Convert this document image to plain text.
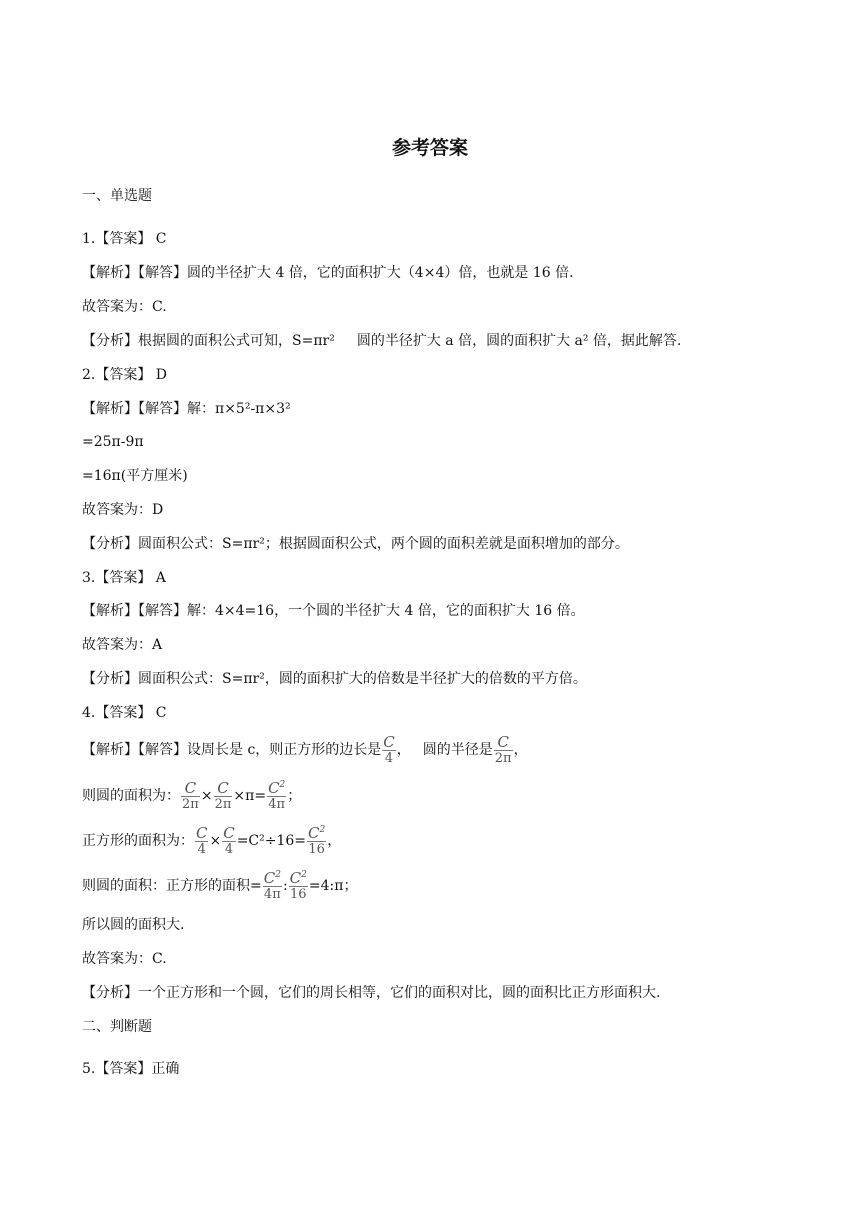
参考答案
一、单选题
1.【答案】 C
【解析】【解答】圆的半径扩大 4 倍，它的面积扩大（4×4）倍，也就是 16 倍.
故答案为：C.
【分析】根据圆的面积公式可知，S=πr² 圆的半径扩大 a 倍，圆的面积扩大 a² 倍，据此解答.
2.【答案】 D
【解析】【解答】解：π×5²-π×3²
=25π-9π
=16π(平方厘米)
故答案为：D
【分析】圆面积公式：S=πr²；根据圆面积公式，两个圆的面积差就是面积增加的部分。
3.【答案】 A
【解析】【解答】解：4×4=16，一个圆的半径扩大 4 倍，它的面积扩大 16 倍。
故答案为：A
【分析】圆面积公式：S=πr²，圆的面积扩大的倍数是半径扩大的倍数的平方倍。
4.【答案】 C
【解析】【解答】设周长是 c，则正方形的边长是 $\frac{C}{4}$ ， 圆的半径是 $\frac{C}{2\pi}$ ，
则圆的面积为： $\frac{C}{2\pi} \times \frac{C}{2\pi} \times\pi= \frac{C^2}{4\pi}$ ；
正方形的面积为： $\frac{C}{4} \times \frac{C}{4} =C^2\div 16= \frac{C^2}{16}$ ，
则圆的面积：正方形的面积= $\frac{C^2}{4\pi}$ : $\frac{C^2}{16}$ =4:π；
所以圆的面积大.
故答案为：C.
【分析】一个正方形和一个圆，它们的周长相等，它们的面积对比，圆的面积比正方形面积大.
二、判断题
5.【答案】正确
